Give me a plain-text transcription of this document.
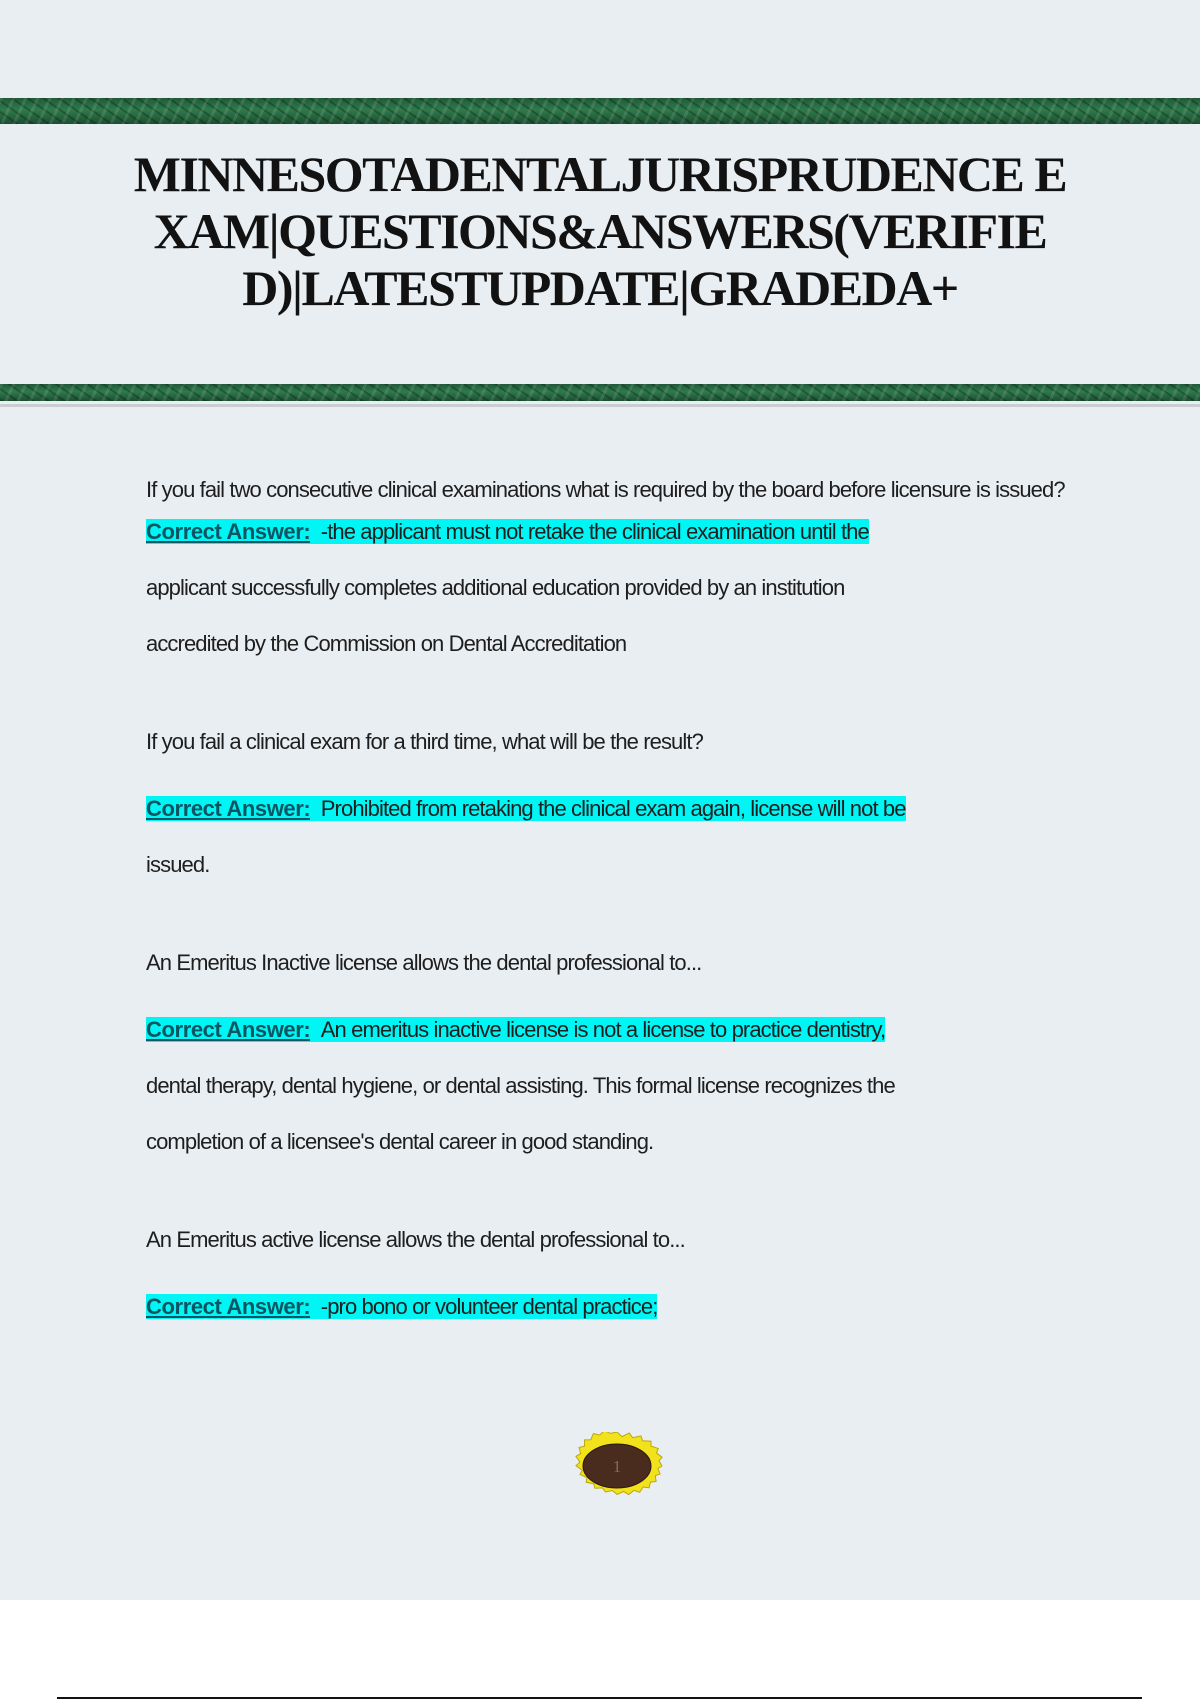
MINNESOTADENTALJURISPRUDENCE EXAM|QUESTIONS&ANSWERS(VERIFIED)|LATESTUPDATE|GRADEDA+

If you fail two consecutive clinical examinations what is required by the board before licensure is issued?

Correct Answer: -the applicant must not retake the clinical examination until the

applicant successfully completes additional education provided by an institution

accredited by the Commission on Dental Accreditation

If you fail a clinical exam for a third time, what will be the result?

Correct Answer: Prohibited from retaking the clinical exam again, license will not be

issued.

An Emeritus Inactive license allows the dental professional to...

Correct Answer: An emeritus inactive license is not a license to practice dentistry,

dental therapy, dental hygiene, or dental assisting. This formal license recognizes the

completion of a licensee's dental career in good standing.

An Emeritus active license allows the dental professional to...

Correct Answer: -pro bono or volunteer dental practice;

1
